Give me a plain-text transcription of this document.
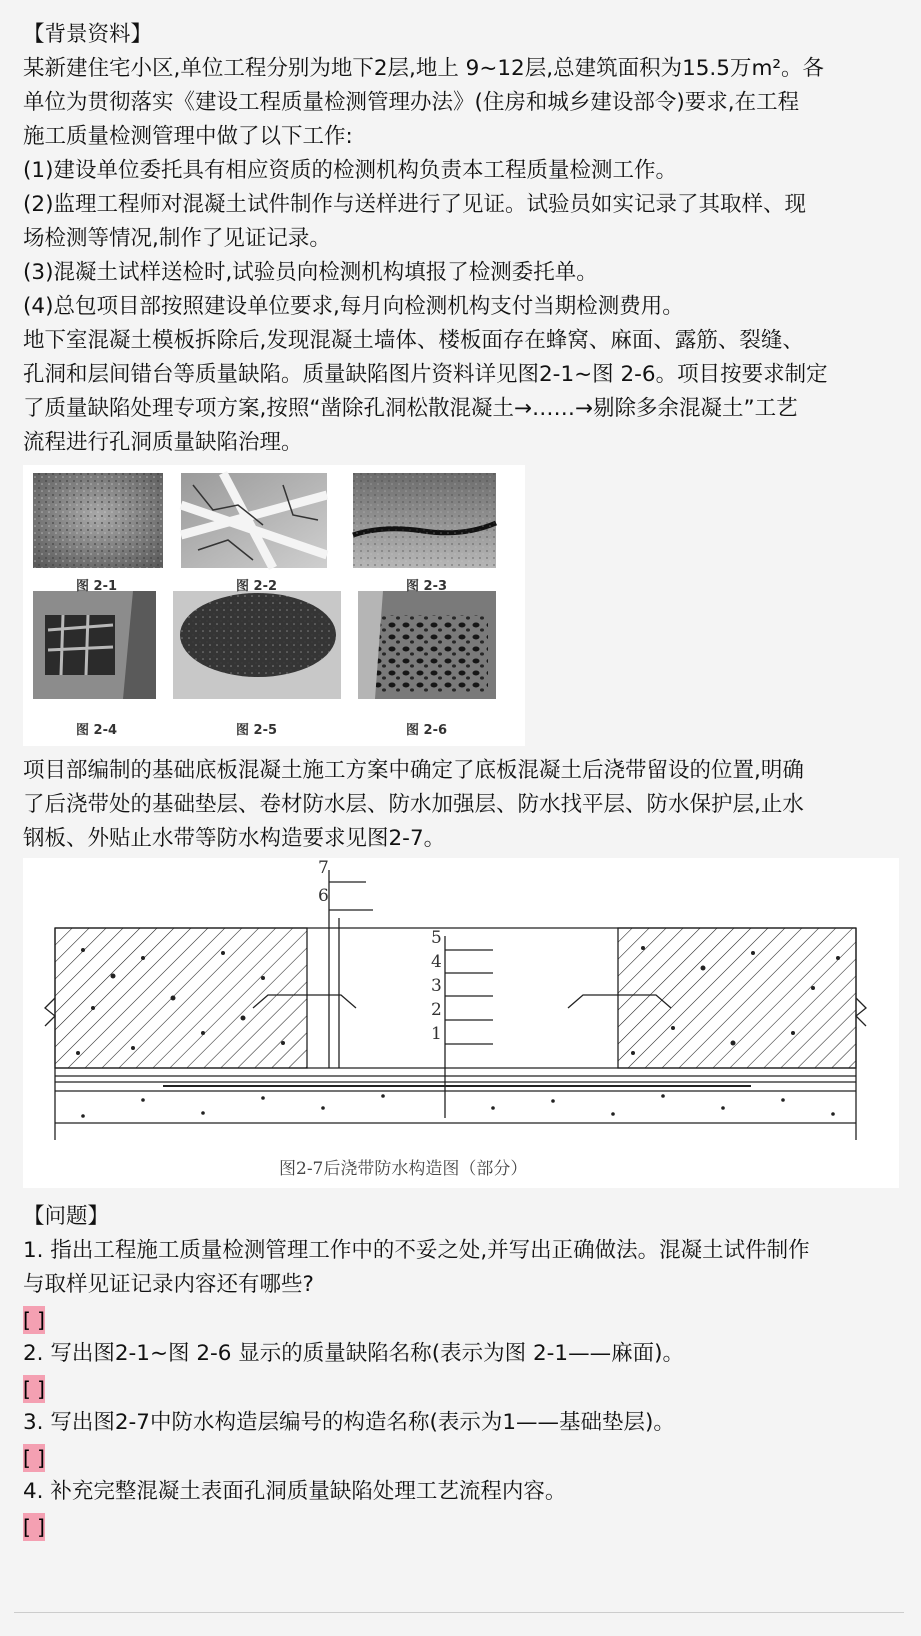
【背景资料】
某新建住宅小区,单位工程分别为地下2层,地上 9~12层,总建筑面积为15.5万m²。各
单位为贯彻落实《建设工程质量检测管理办法》(住房和城乡建设部令)要求,在工程
施工质量检测管理中做了以下工作:
(1)建设单位委托具有相应资质的检测机构负责本工程质量检测工作。
(2)监理工程师对混凝土试件制作与送样进行了见证。试验员如实记录了其取样、现
场检测等情况,制作了见证记录。
(3)混凝土试样送检时,试验员向检测机构填报了检测委托单。
(4)总包项目部按照建设单位要求,每月向检测机构支付当期检测费用。
地下室混凝土模板拆除后,发现混凝土墙体、楼板面存在蜂窝、麻面、露筋、裂缝、
孔洞和层间错台等质量缺陷。质量缺陷图片资料详见图2-1~图 2-6。项目按要求制定
了质量缺陷处理专项方案,按照“凿除孔洞松散混凝土→……→剔除多余混凝土”工艺
流程进行孔洞质量缺陷治理。
图 2-1	图 2-2	图 2-3
图 2-4	图 2-5	图 2-6
项目部编制的基础底板混凝土施工方案中确定了底板混凝土后浇带留设的位置,明确
了后浇带处的基础垫层、卷材防水层、防水加强层、防水找平层、防水保护层,止水
钢板、外贴止水带等防水构造要求见图2-7。
7
6
5
4
3
2
1
图2-7后浇带防水构造图（部分）
【问题】
1. 指出工程施工质量检测管理工作中的不妥之处,并写出正确做法。混凝土试件制作
与取样见证记录内容还有哪些?
[ ]
2. 写出图2-1~图 2-6 显示的质量缺陷名称(表示为图 2-1——麻面)。
[ ]
3. 写出图2-7中防水构造层编号的构造名称(表示为1——基础垫层)。
[ ]
4. 补充完整混凝土表面孔洞质量缺陷处理工艺流程内容。
[ ]
